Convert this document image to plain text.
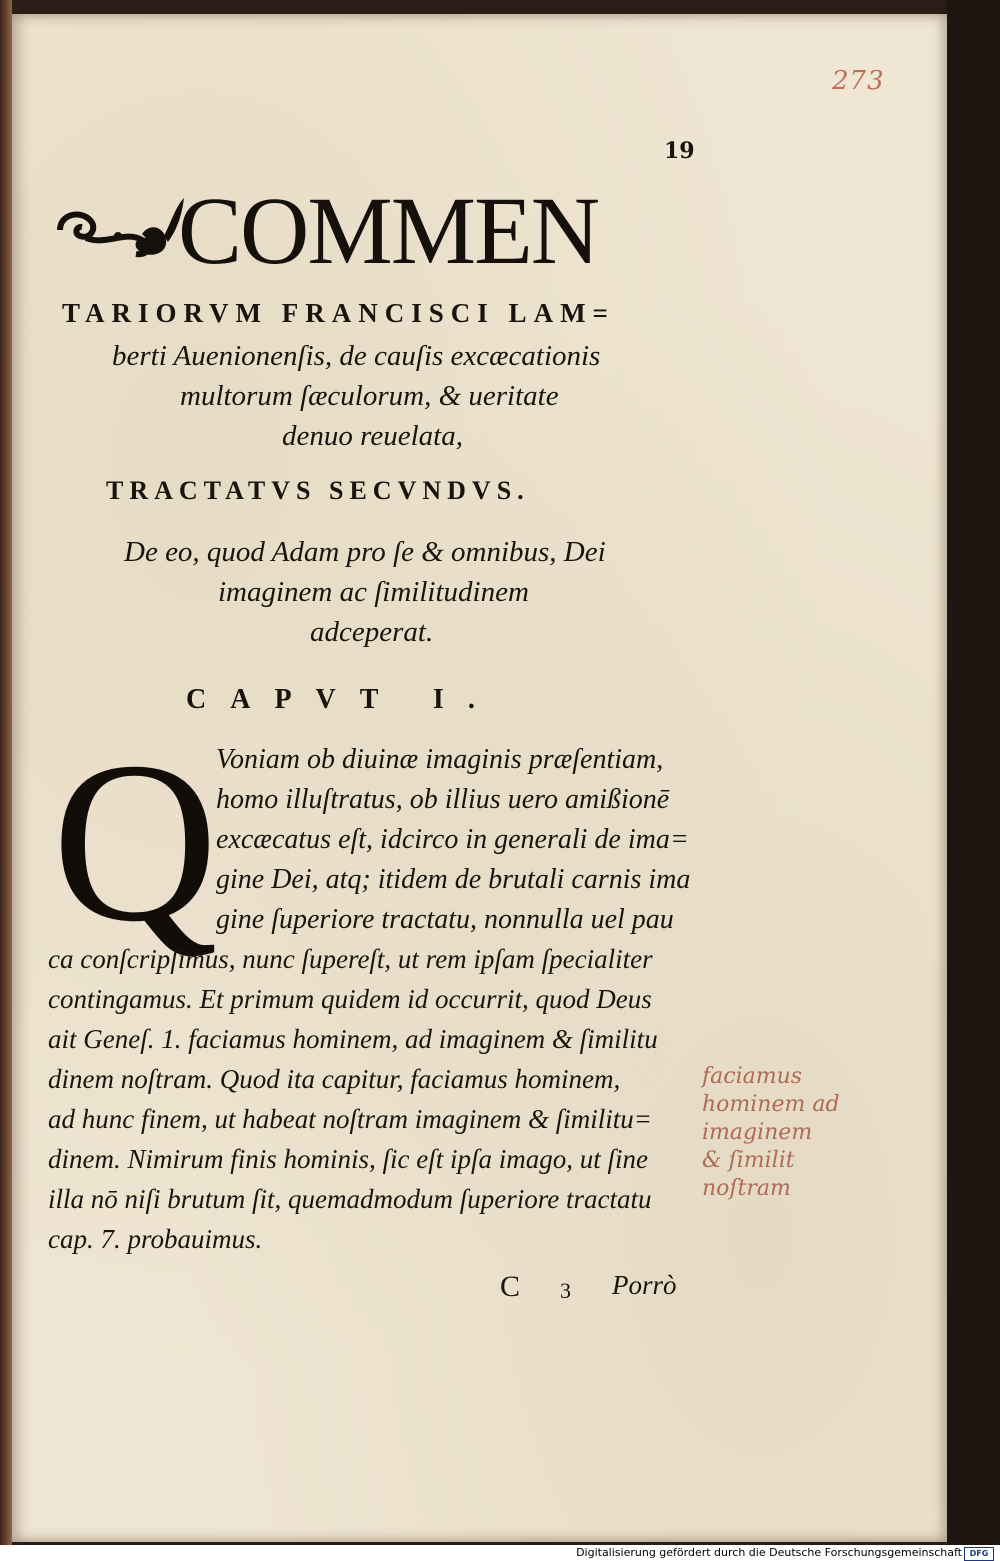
273
19
COMMEN
TARIORVM FRANCISCI LAM=
berti Auenionenſis, de cauſis excæcationis
multorum ſæculorum, & ueritate
denuo reuelata,
TRACTATVS SECVNDVS.
De eo, quod Adam pro ſe & omnibus, Dei
imaginem ac ſimilitudinem
adceperat.
CAPVT I.
Q
Voniam ob diuinæ imaginis præſentiam,
homo illuſtratus, ob illius uero amißionē
excæcatus eſt, idcirco in generali de ima=
gine Dei, atq; itidem de brutali carnis ima
gine ſuperiore tractatu, nonnulla uel pau
ca conſcripſimus, nunc ſupereſt, ut rem ipſam ſpecialiter
contingamus. Et primum quidem id occurrit, quod Deus
ait Geneſ. 1. faciamus hominem, ad imaginem & ſimilitu
dinem noſtram. Quod ita capitur, faciamus hominem,
ad hunc finem, ut habeat noſtram imaginem & ſimilitu=
dinem. Nimirum finis hominis, ſic eſt ipſa imago, ut ſine
illa nō niſi brutum ſit, quemadmodum ſuperiore tractatu
cap. 7. probauimus.
faciamus
hominem ad
imaginem
& ſimilit
noſtram
C 3 Porrò
Digitalisierung gefördert durch die Deutsche Forschungsgemeinschaft DFG
